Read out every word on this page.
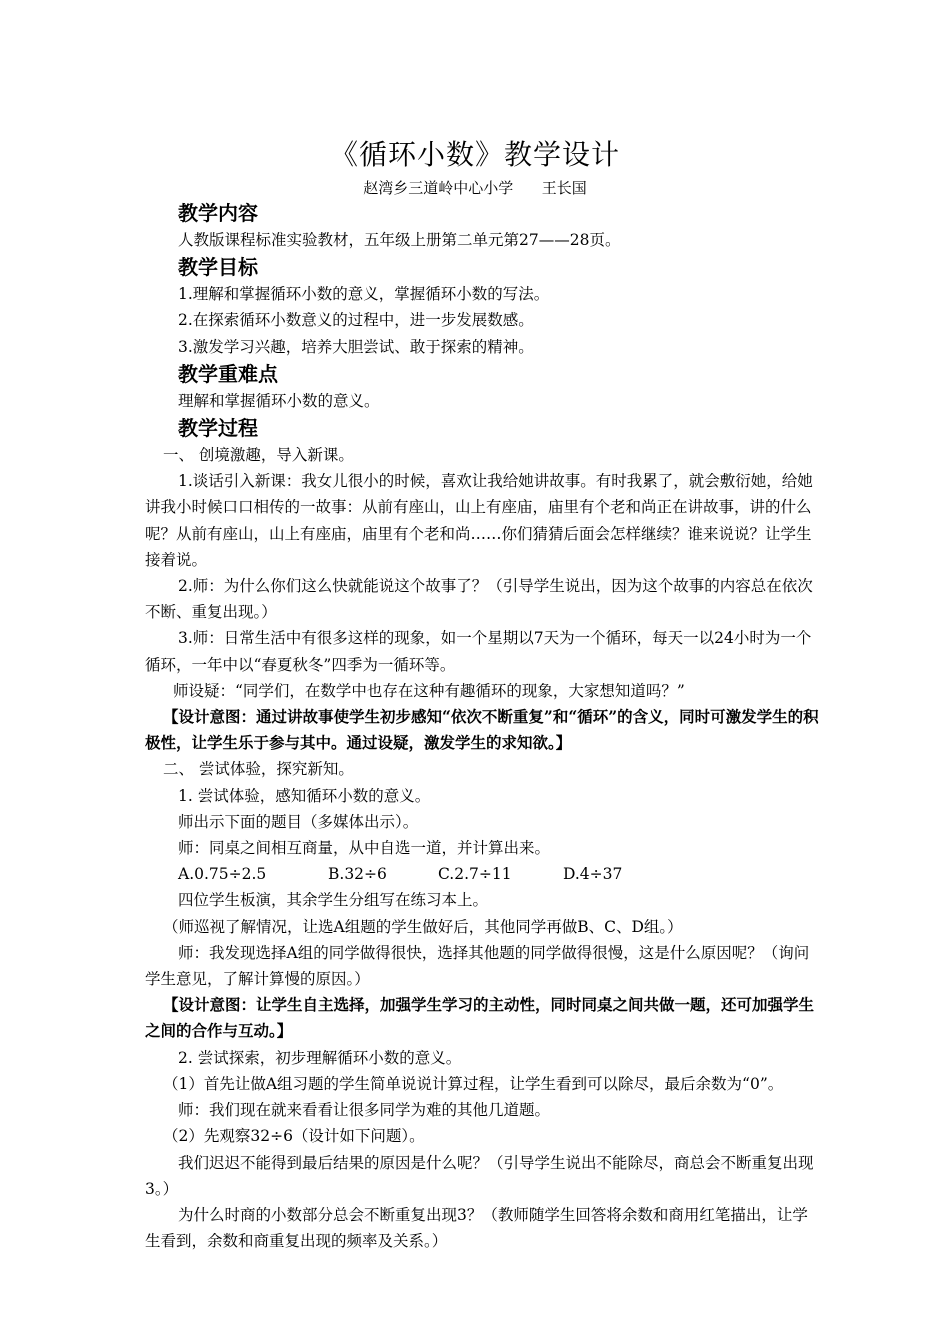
《循环小数》教学设计
赵湾乡三道岭中心小学      王长国
教学内容

人教版课程标准实验教材，五年级上册第二单元第27——28页。

教学目标

1.理解和掌握循环小数的意义，掌握循环小数的写法。

2.在探索循环小数意义的过程中，进一步发展数感。

3.激发学习兴趣，培养大胆尝试、敢于探索的精神。

教学重难点

理解和掌握循环小数的意义。

教学过程

一、 创境激趣，导入新课。

1.谈话引入新课：我女儿很小的时候，喜欢让我给她讲故事。有时我累了，就会敷衍她，给她讲我小时候口口相传的一故事：从前有座山，山上有座庙，庙里有个老和尚正在讲故事，讲的什么呢？从前有座山，山上有座庙，庙里有个老和尚……你们猜猜后面会怎样继续？谁来说说？让学生接着说。

2.师：为什么你们这么快就能说这个故事了？（引导学生说出，因为这个故事的内容总在依次不断、重复出现。）

3.师：日常生活中有很多这样的现象，如一个星期以7天为一个循环，每天一以24小时为一个循环，一年中以“春夏秋冬”四季为一循环等。

师设疑：“同学们，在数学中也存在这种有趣循环的现象，大家想知道吗？”

【设计意图：通过讲故事使学生初步感知“依次不断重复”和“循环”的含义，同时可激发学生的积极性，让学生乐于参与其中。通过设疑，激发学生的求知欲。】

二、 尝试体验，探究新知。

1. 尝试体验，感知循环小数的意义。

师出示下面的题目（多媒体出示）。

师：同桌之间相互商量，从中自选一道，并计算出来。

A.0.75÷2.5	B.32÷6	C.2.7÷11	D.4÷37

四位学生板演，其余学生分组写在练习本上。

（师巡视了解情况，让选A组题的学生做好后，其他同学再做B、C、D组。）

师：我发现选择A组的同学做得很快，选择其他题的同学做得很慢，这是什么原因呢？（询问学生意见，了解计算慢的原因。）

【设计意图：让学生自主选择，加强学生学习的主动性，同时同桌之间共做一题，还可加强学生之间的合作与互动。】

2. 尝试探索，初步理解循环小数的意义。

（1）首先让做A组习题的学生简单说说计算过程，让学生看到可以除尽，最后余数为“0”。

师：我们现在就来看看让很多同学为难的其他几道题。

（2）先观察32÷6（设计如下问题）。

我们迟迟不能得到最后结果的原因是什么呢？（引导学生说出不能除尽，商总会不断重复出现3。）

为什么时商的小数部分总会不断重复出现3？（教师随学生回答将余数和商用红笔描出，让学生看到，余数和商重复出现的频率及关系。）
